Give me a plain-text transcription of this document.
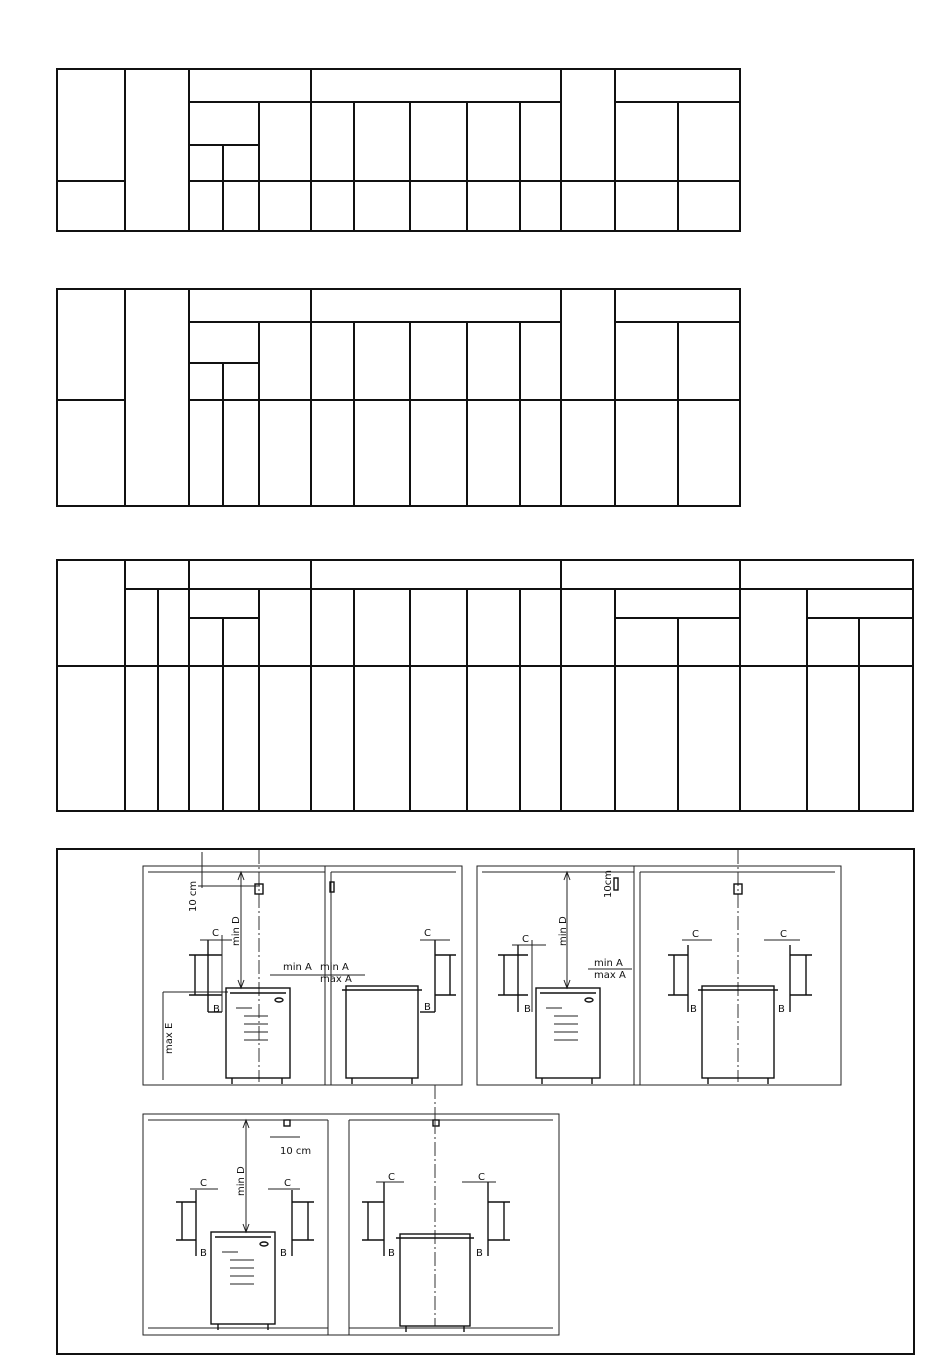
10 cm
min D
C
B
max E
min A min A
max A
C
B
10cm
min D
C
B
min A
max A
C
B
C
B
10 cm
min D
C
B
C
B
C
B
C
B
